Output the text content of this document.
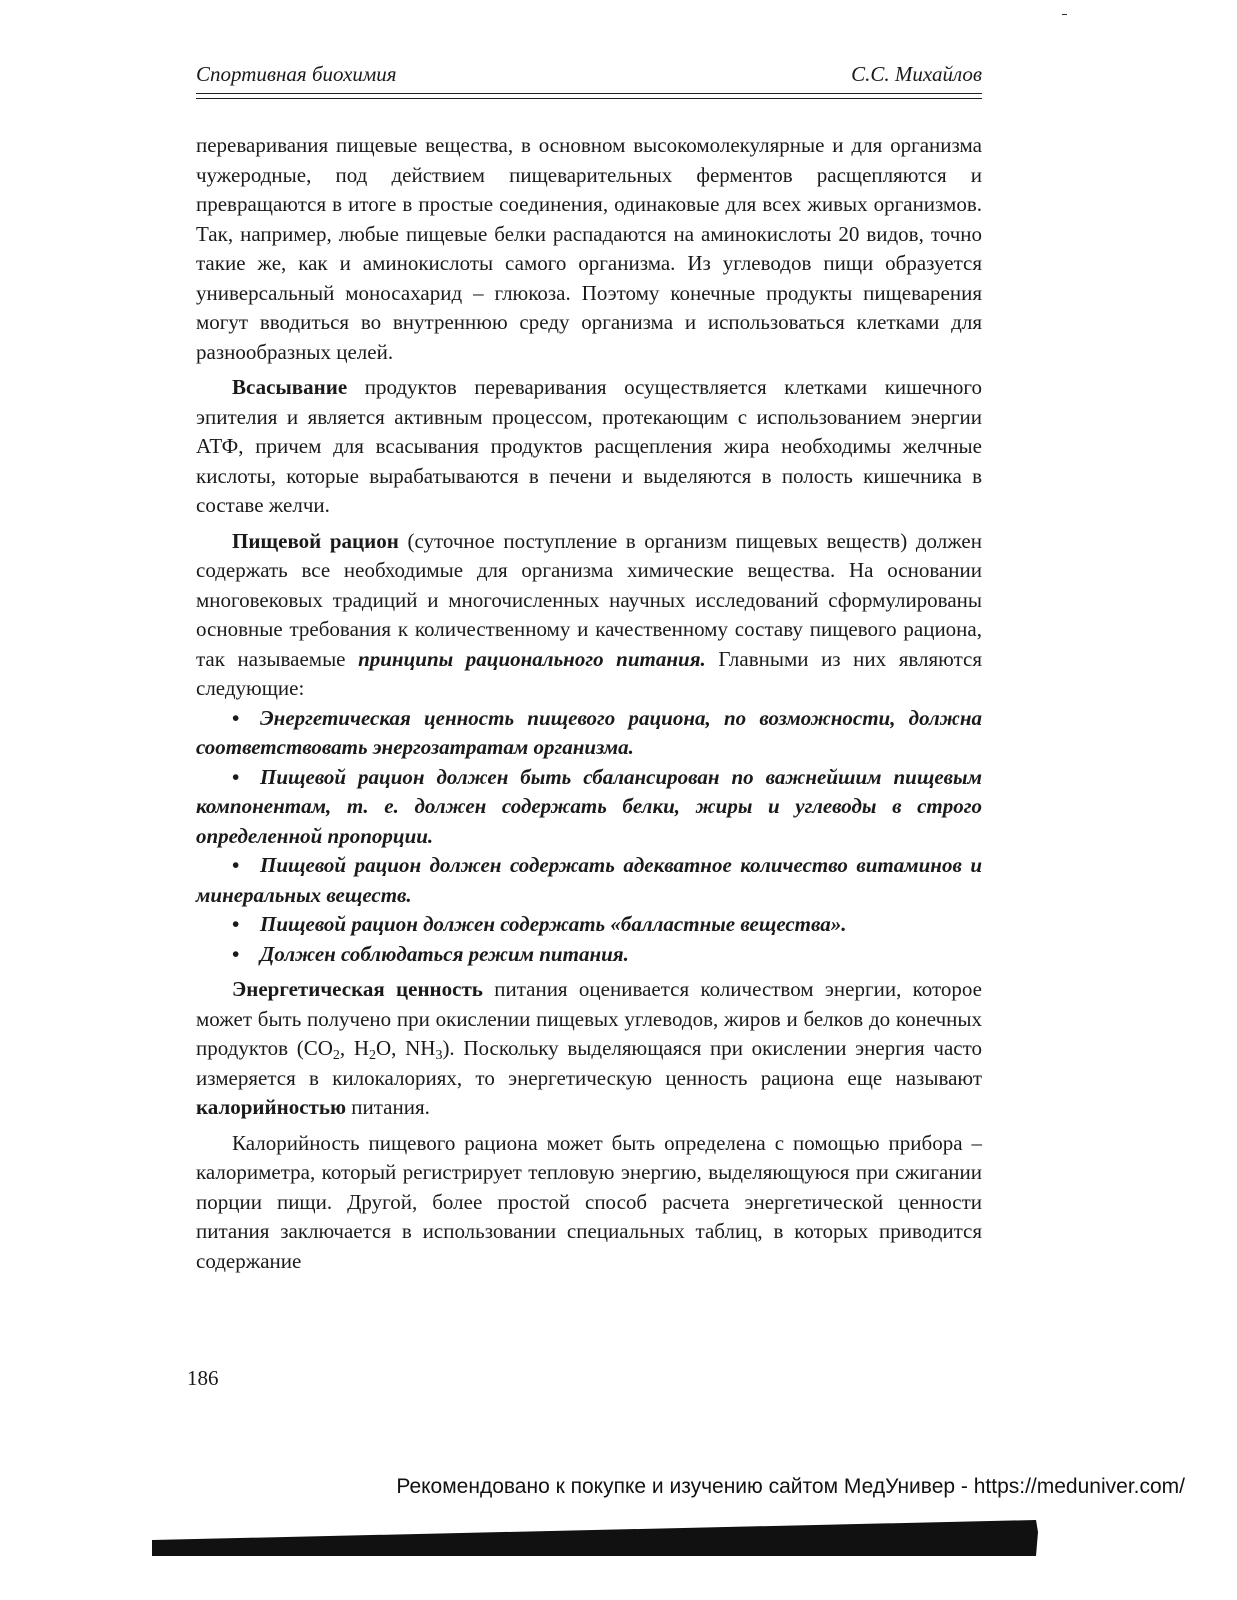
Спортивная биохимия	С.С. Михайлов

переваривания пищевые вещества, в основном высокомолекулярные и для организма чужеродные, под действием пищеварительных ферментов расщепляются и превращаются в итоге в простые соединения, одинаковые для всех живых организмов. Так, например, любые пищевые белки распадаются на аминокислоты 20 видов, точно такие же, как и аминокислоты самого организма. Из углеводов пищи образуется универсальный моносахарид – глюкоза. Поэтому конечные продукты пищеварения могут вводиться во внутреннюю среду организма и использоваться клетками для разнообразных целей.

Всасывание продуктов переваривания осуществляется клетками кишечного эпителия и является активным процессом, протекающим с использованием энергии АТФ, причем для всасывания продуктов расщепления жира необходимы желчные кислоты, которые вырабатываются в печени и выделяются в полость кишечника в составе желчи.

Пищевой рацион (суточное поступление в организм пищевых веществ) должен содержать все необходимые для организма химические вещества. На основании многовековых традиций и многочисленных научных исследований сформулированы основные требования к количественному и качественному составу пищевого рациона, так называемые принципы рационального питания. Главными из них являются следующие:

• Энергетическая ценность пищевого рациона, по возможности, должна соответствовать энергозатратам организма.

• Пищевой рацион должен быть сбалансирован по важнейшим пищевым компонентам, т. е. должен содержать белки, жиры и углеводы в строго определенной пропорции.

• Пищевой рацион должен содержать адекватное количество витаминов и минеральных веществ.

• Пищевой рацион должен содержать «балластные вещества».

• Должен соблюдаться режим питания.

Энергетическая ценность питания оценивается количеством энергии, которое может быть получено при окислении пищевых углеводов, жиров и белков до конечных продуктов ($CO_2$, $H_2O$, $NH_3$). Поскольку выделяющаяся при окислении энергия часто измеряется в килокалориях, то энергетическую ценность рациона еще называют калорийностью питания.

Калорийность пищевого рациона может быть определена с помощью прибора – калориметра, который регистрирует тепловую энергию, выделяющуюся при сжигании порции пищи. Другой, более простой способ расчета энергетической ценности питания заключается в использовании специальных таблиц, в которых приводится содержание

186
Рекомендовано к покупке и изучению сайтом МедУнивер - https://meduniver.com/
